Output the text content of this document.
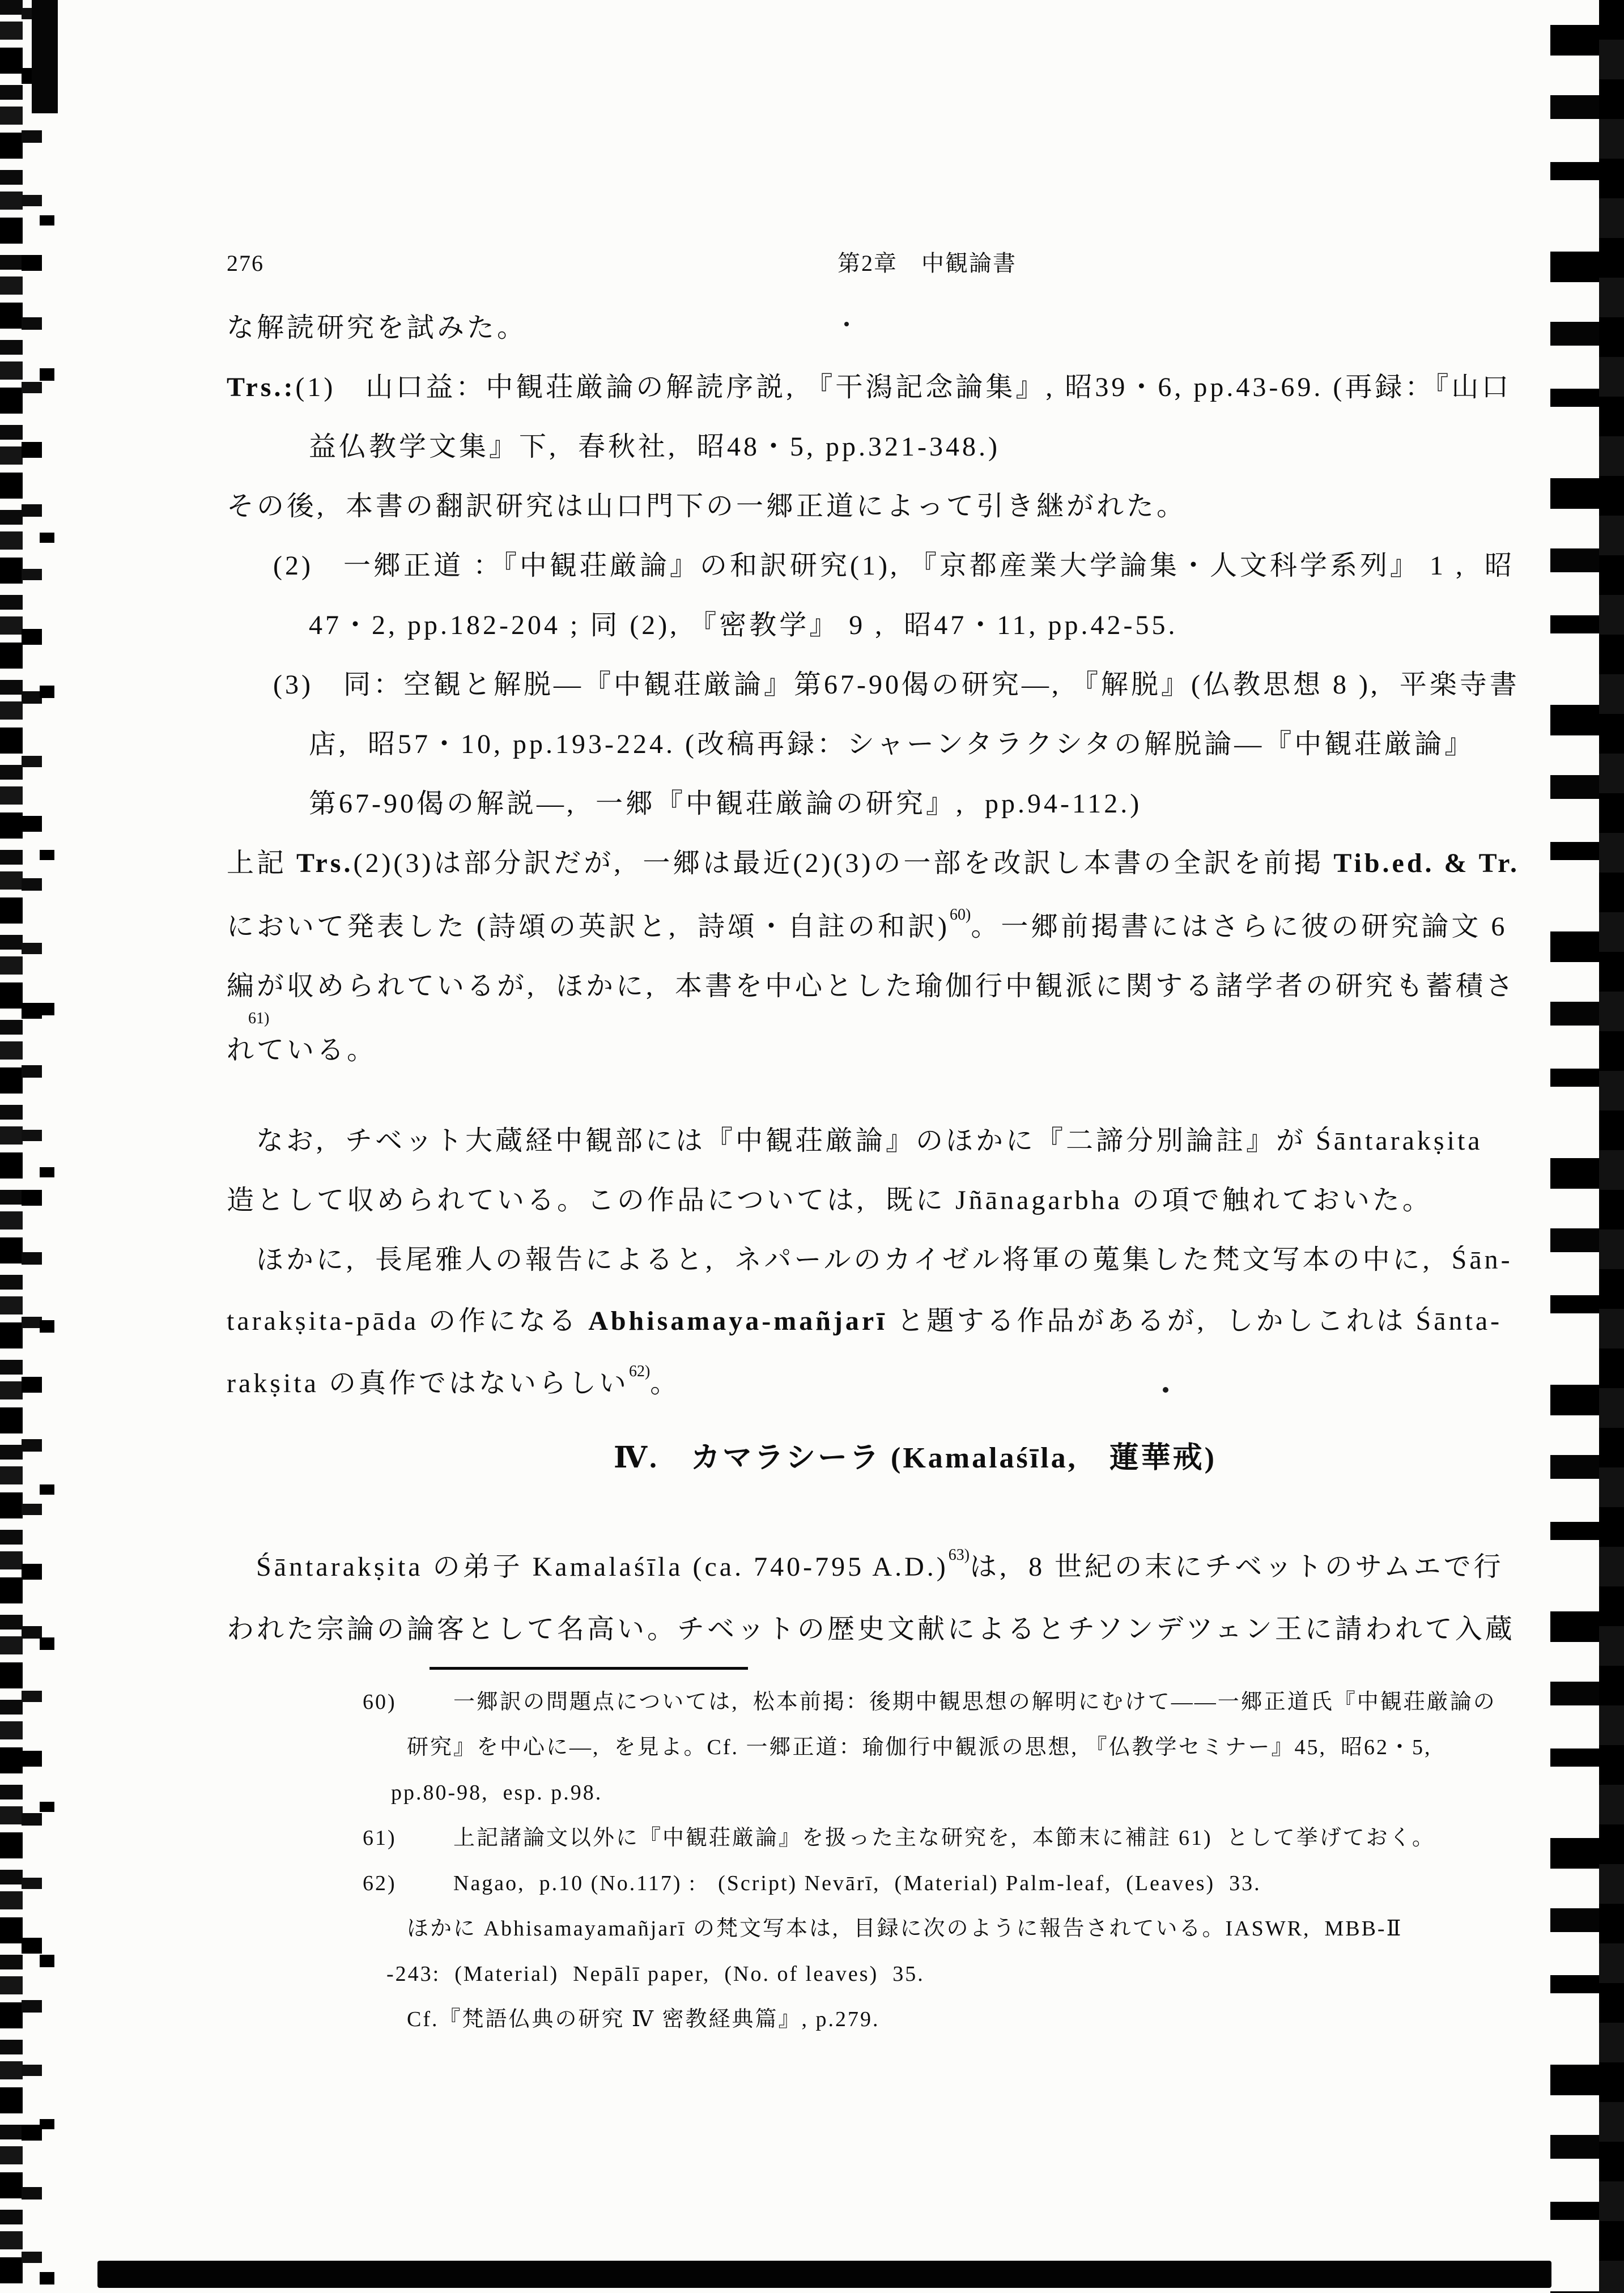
276	第2章　中観論書
な解読研究を試みた。
Trs.:(1)　山口益：中観荘厳論の解読序説, 『干潟記念論集』, 昭39・6, pp.43-69. (再録：『山口
益仏教学文集』下,  春秋社,  昭48・5, pp.321-348.)
その後,  本書の翻訳研究は山口門下の一郷正道によって引き継がれた。
(2)　一郷正道 ：『中観荘厳論』の和訳研究(1), 『京都産業大学論集・人文科学系列』 1 ,  昭
47・2, pp.182-204 ; 同 (2), 『密教学』 9 ,  昭47・11, pp.42-55.
(3)　同：空観と解脱―『中観荘厳論』第67-90偈の研究―, 『解脱』(仏教思想 8 ),  平楽寺書
店,  昭57・10, pp.193-224. (改稿再録：シャーンタラクシタの解脱論―『中観荘厳論』
第67-90偈の解説―,  一郷『中観荘厳論の研究』,  pp.94-112.)
上記 Trs.(2)(3)は部分訳だが,  一郷は最近(2)(3)の一部を改訳し本書の全訳を前掲 Tib.ed. & Tr.
において発表した (詩頌の英訳と,  詩頌・自註の和訳)$^{60)}$。一郷前掲書にはさらに彼の研究論文 6
編が収められているが,  ほかに,  本書を中心とした瑜伽行中観派に関する諸学者の研究も蓄積さ
61)
れている。
なお,  チベット大蔵経中観部には『中観荘厳論』のほかに『二諦分別論註』が Śāntarakṣita
造として収められている。この作品については,  既に Jñānagarbha の項で触れておいた。
ほかに,  長尾雅人の報告によると,  ネパールのカイゼル将軍の蒐集した梵文写本の中に,  Śān-
tarakṣita-pāda の作になる Abhisamaya-mañjarī と題する作品があるが,  しかしこれは Śānta-
rakṣita の真作ではないらしい$^{62)}$。
Ⅳ.　カマラシーラ (Kamalaśīla,　蓮華戒)
Śāntarakṣita の弟子 Kamalaśīla (ca. 740-795 A.D.)$^{63)}$は,  8 世紀の末にチベットのサムエで行
われた宗論の論客として名高い。チベットの歴史文献によるとチソンデツェン王に請われて入蔵
60)	一郷訳の問題点については,  松本前掲：後期中観思想の解明にむけて——一郷正道氏『中観荘厳論の
研究』を中心に―,  を見よ。Cf. 一郷正道：瑜伽行中観派の思想, 『仏教学セミナー』45,  昭62・5,
pp.80-98,  esp. p.98.
61)	上記諸論文以外に『中観荘厳論』を扱った主な研究を,  本節末に補註 61)  として挙げておく。
62)	Nagao,  p.10 (No.117) :   (Script) Nevārī,  (Material) Palm-leaf,  (Leaves)  33.
ほかに Abhisamayamañjarī の梵文写本は,  目録に次のように報告されている。IASWR,  MBB-Ⅱ
-243:  (Material)  Nepālī paper,  (No. of leaves)  35.
Cf.『梵語仏典の研究 Ⅳ 密教経典篇』, p.279.
